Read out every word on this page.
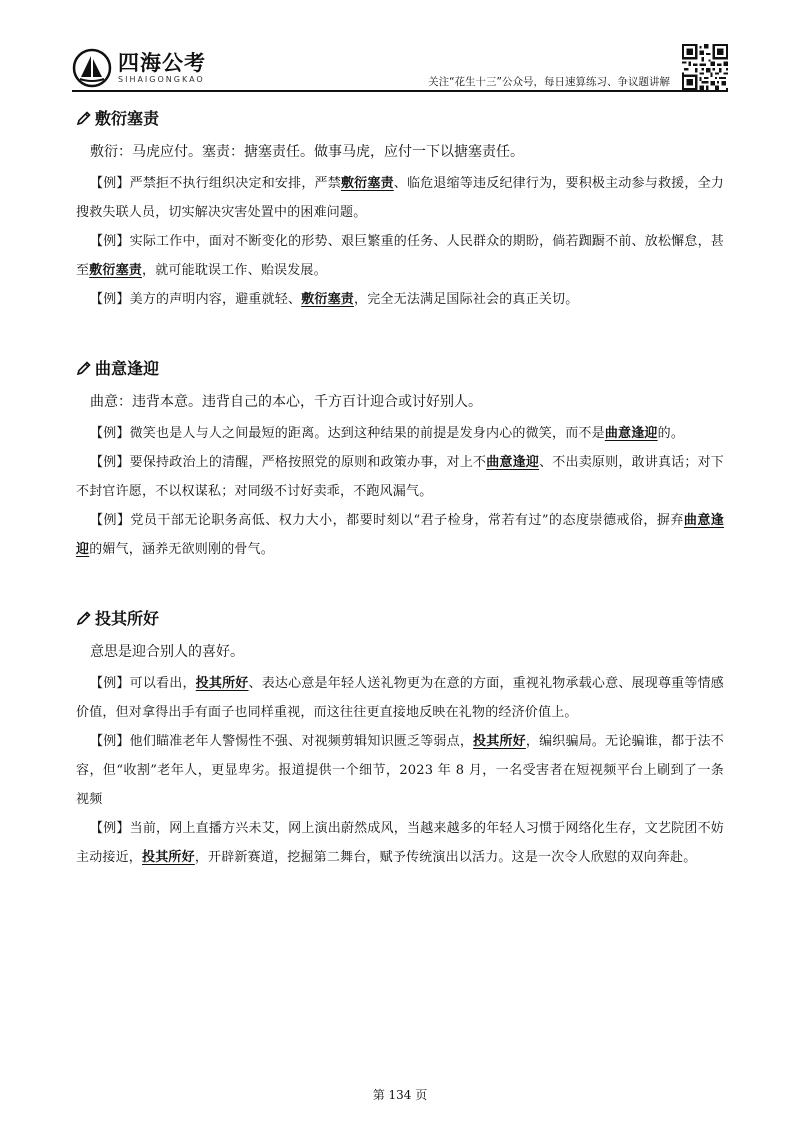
四海公考
SIHAIGONGKAO	关注“花生十三”公众号，每日速算练习、争议题讲解
敷衍塞责

敷衍：马虎应付。塞责：搪塞责任。做事马虎，应付一下以搪塞责任。

【例】严禁拒不执行组织决定和安排，严禁敷衍塞责、临危退缩等违反纪律行为，要积极主动参与救援，全力搜救失联人员，切实解决灾害处置中的困难问题。

【例】实际工作中，面对不断变化的形势、艰巨繁重的任务、人民群众的期盼，倘若踟蹰不前、放松懈怠，甚至敷衍塞责，就可能耽误工作、贻误发展。

【例】美方的声明内容，避重就轻、敷衍塞责，完全无法满足国际社会的真正关切。

曲意逢迎

曲意：违背本意。违背自己的本心，千方百计迎合或讨好别人。

【例】微笑也是人与人之间最短的距离。达到这种结果的前提是发身内心的微笑，而不是曲意逢迎的。

【例】要保持政治上的清醒，严格按照党的原则和政策办事，对上不曲意逢迎、不出卖原则，敢讲真话；对下不封官许愿，不以权谋私；对同级不讨好卖乖，不跑风漏气。

【例】党员干部无论职务高低、权力大小，都要时刻以“君子检身，常若有过”的态度崇德戒俗，摒弃曲意逢迎的媚气，涵养无欲则刚的骨气。

投其所好

意思是迎合别人的喜好。

【例】可以看出，投其所好、表达心意是年轻人送礼物更为在意的方面，重视礼物承载心意、展现尊重等情感价值，但对拿得出手有面子也同样重视，而这往往更直接地反映在礼物的经济价值上。

【例】他们瞄准老年人警惕性不强、对视频剪辑知识匮乏等弱点，投其所好，编织骗局。无论骗谁，都于法不容，但“收割”老年人，更显卑劣。报道提供一个细节，2023 年 8 月，一名受害者在短视频平台上刷到了一条视频

【例】当前，网上直播方兴未艾，网上演出蔚然成风，当越来越多的年轻人习惯于网络化生存，文艺院团不妨主动接近，投其所好，开辟新赛道，挖掘第二舞台，赋予传统演出以活力。这是一次令人欣慰的双向奔赴。

第 134 页
